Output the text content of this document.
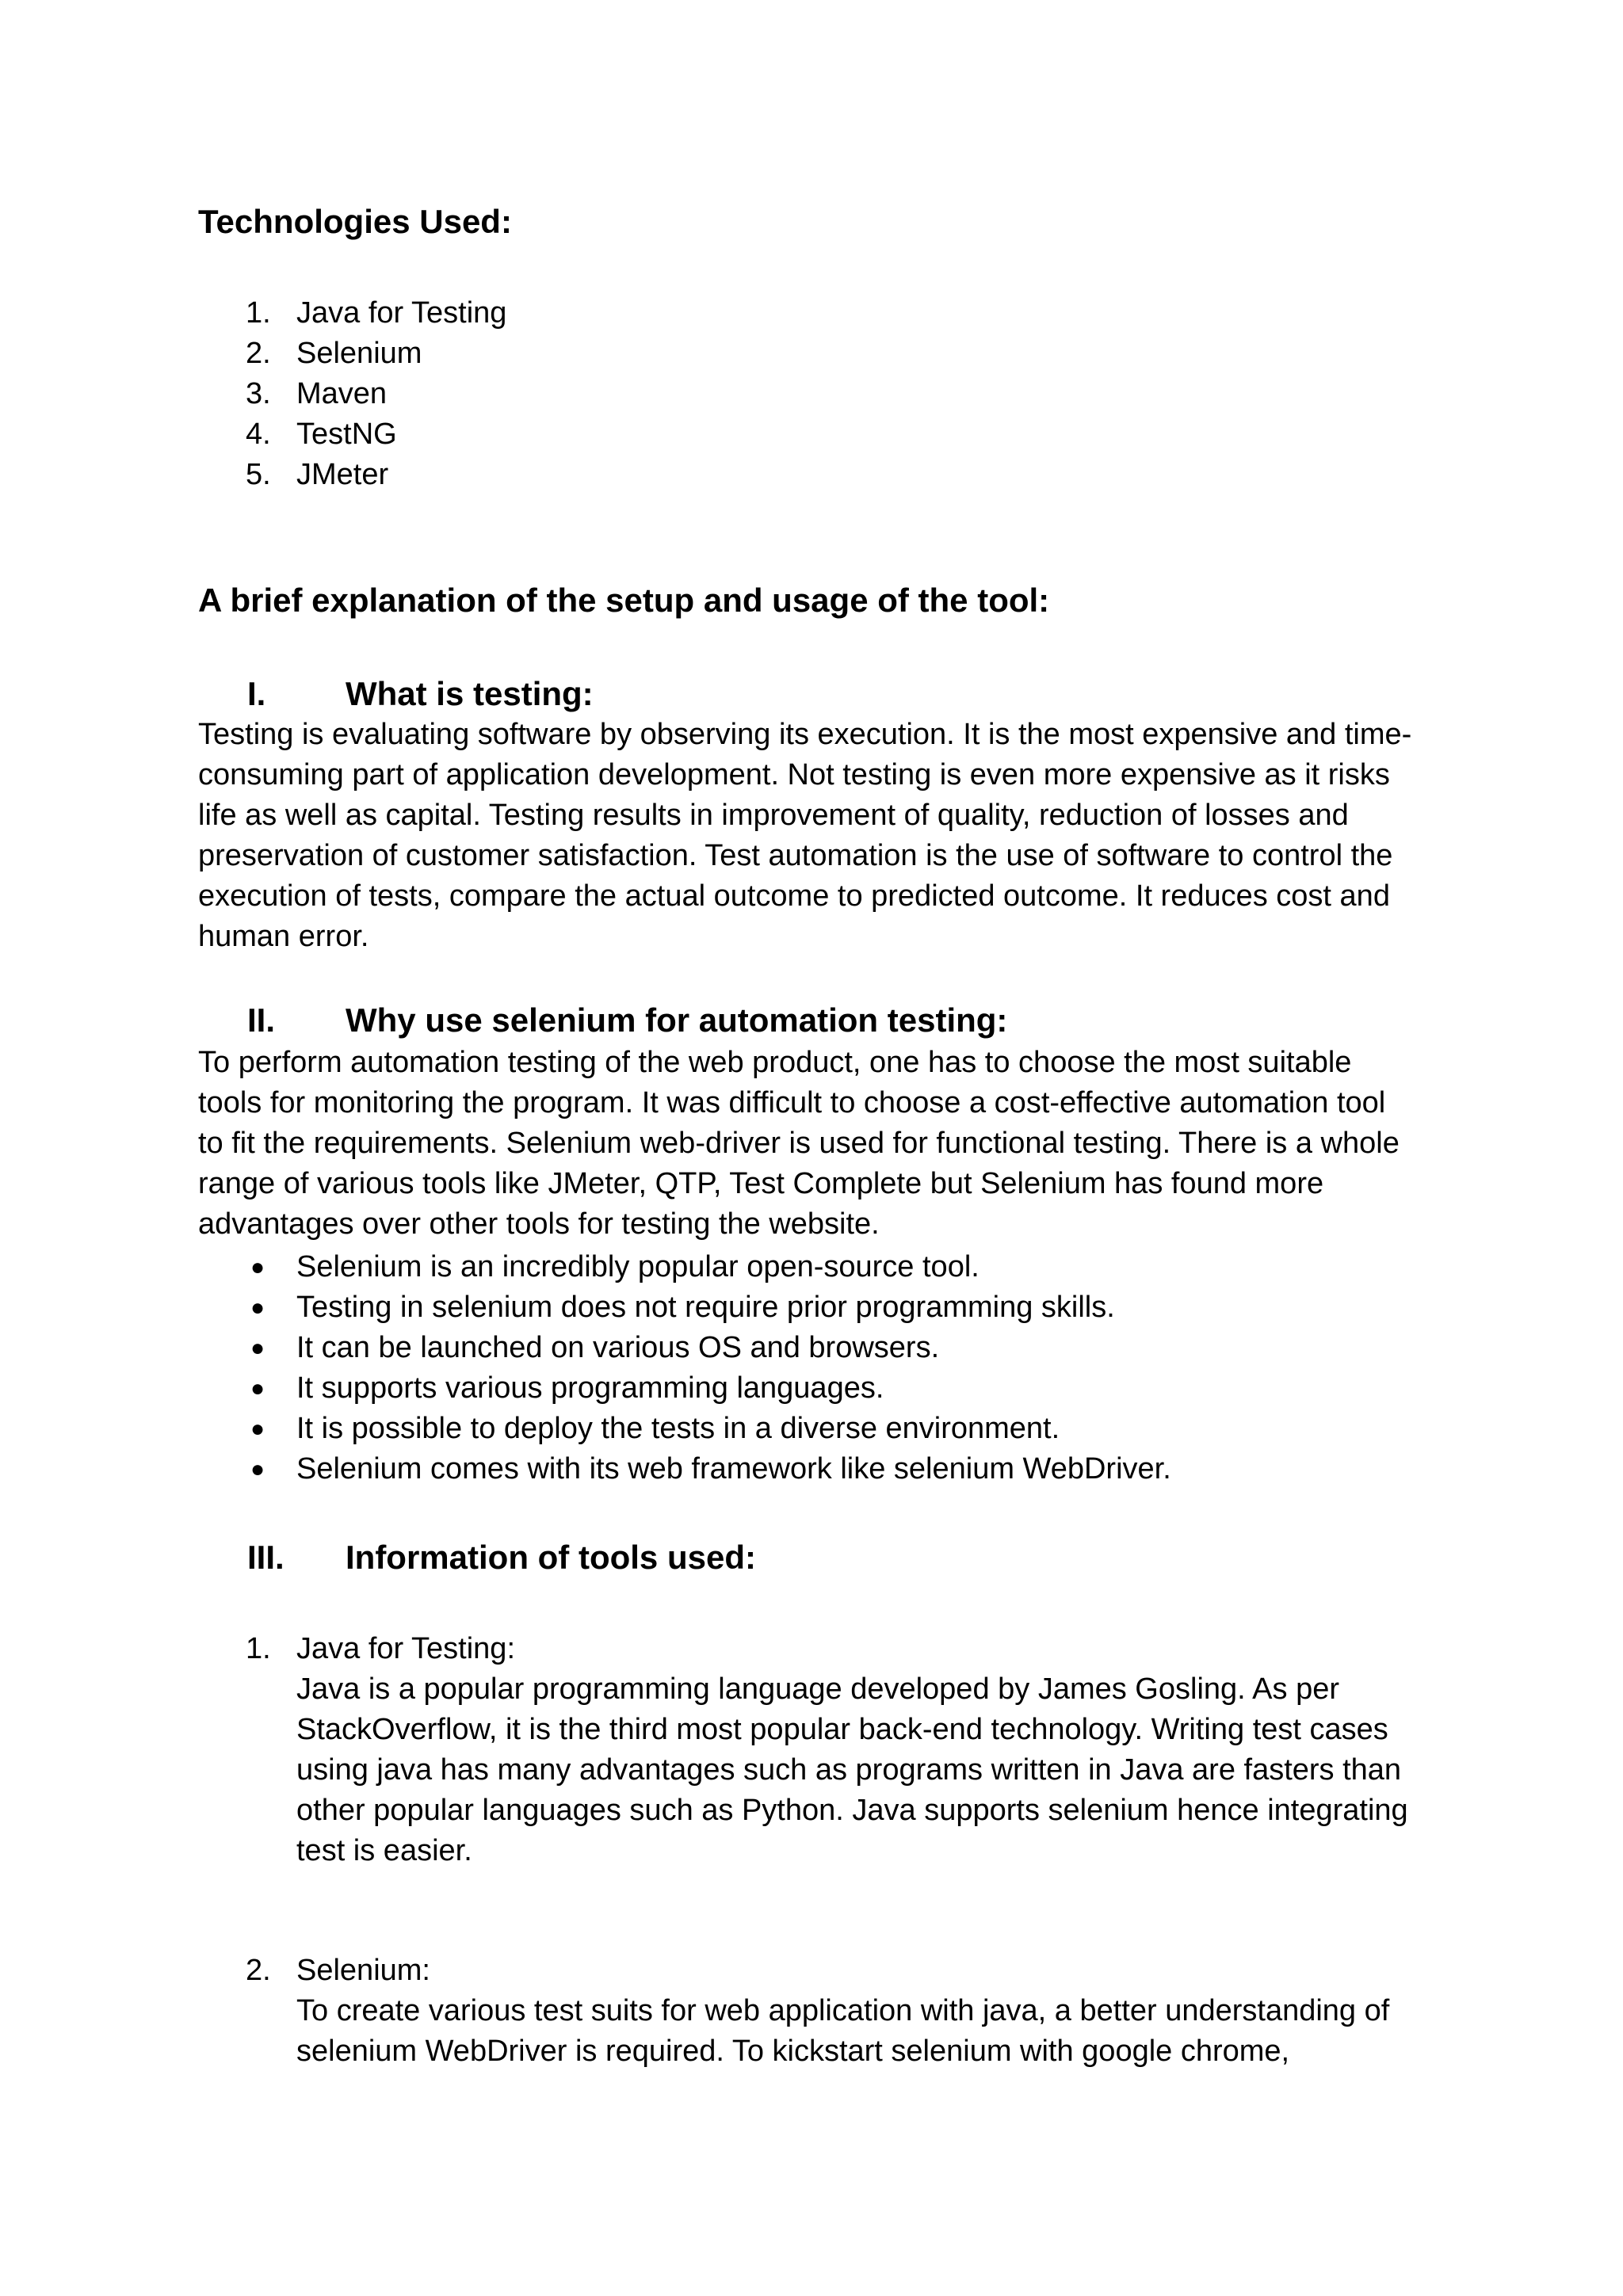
Technologies Used:
1. Java for Testing
2. Selenium
3. Maven
4. TestNG
5. JMeter
A brief explanation of the setup and usage of the tool:
I. What is testing:

Testing is evaluating software by observing its execution. It is the most expensive and time-
consuming part of application development. Not testing is even more expensive as it risks
life as well as capital. Testing results in improvement of quality, reduction of losses and
preservation of customer satisfaction. Test automation is the use of software to control the
execution of tests, compare the actual outcome to predicted outcome. It reduces cost and
human error.

II. Why use selenium for automation testing:

To perform automation testing of the web product, one has to choose the most suitable
tools for monitoring the program. It was difficult to choose a cost-effective automation tool
to fit the requirements. Selenium web-driver is used for functional testing. There is a whole
range of various tools like JMeter, QTP, Test Complete but Selenium has found more
advantages over other tools for testing the website.

● Selenium is an incredibly popular open-source tool.
● Testing in selenium does not require prior programming skills.
● It can be launched on various OS and browsers.
● It supports various programming languages.
● It is possible to deploy the tests in a diverse environment.
● Selenium comes with its web framework like selenium WebDriver.
III. Information of tools used:
1. Java for Testing:
Java is a popular programming language developed by James Gosling. As per
StackOverflow, it is the third most popular back-end technology. Writing test cases
using java has many advantages such as programs written in Java are fasters than
other popular languages such as Python. Java supports selenium hence integrating
test is easier.
2. Selenium:
To create various test suits for web application with java, a better understanding of
selenium WebDriver is required. To kickstart selenium with google chrome,
